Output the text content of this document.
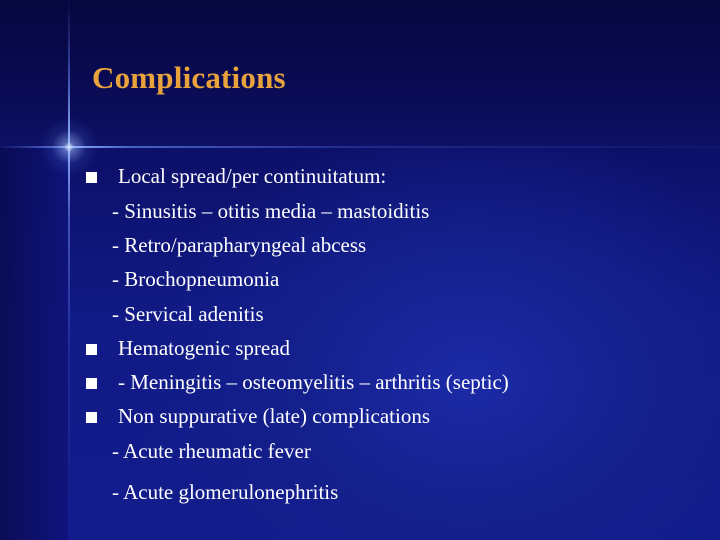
Complications
Local spread/per continuitatum:
- Sinusitis – otitis media – mastoiditis
- Retro/parapharyngeal abcess
- Brochopneumonia
- Servical adenitis
Hematogenic spread
- Meningitis – osteomyelitis – arthritis (septic)
Non suppurative (late) complications
- Acute rheumatic fever
- Acute glomerulonephritis
